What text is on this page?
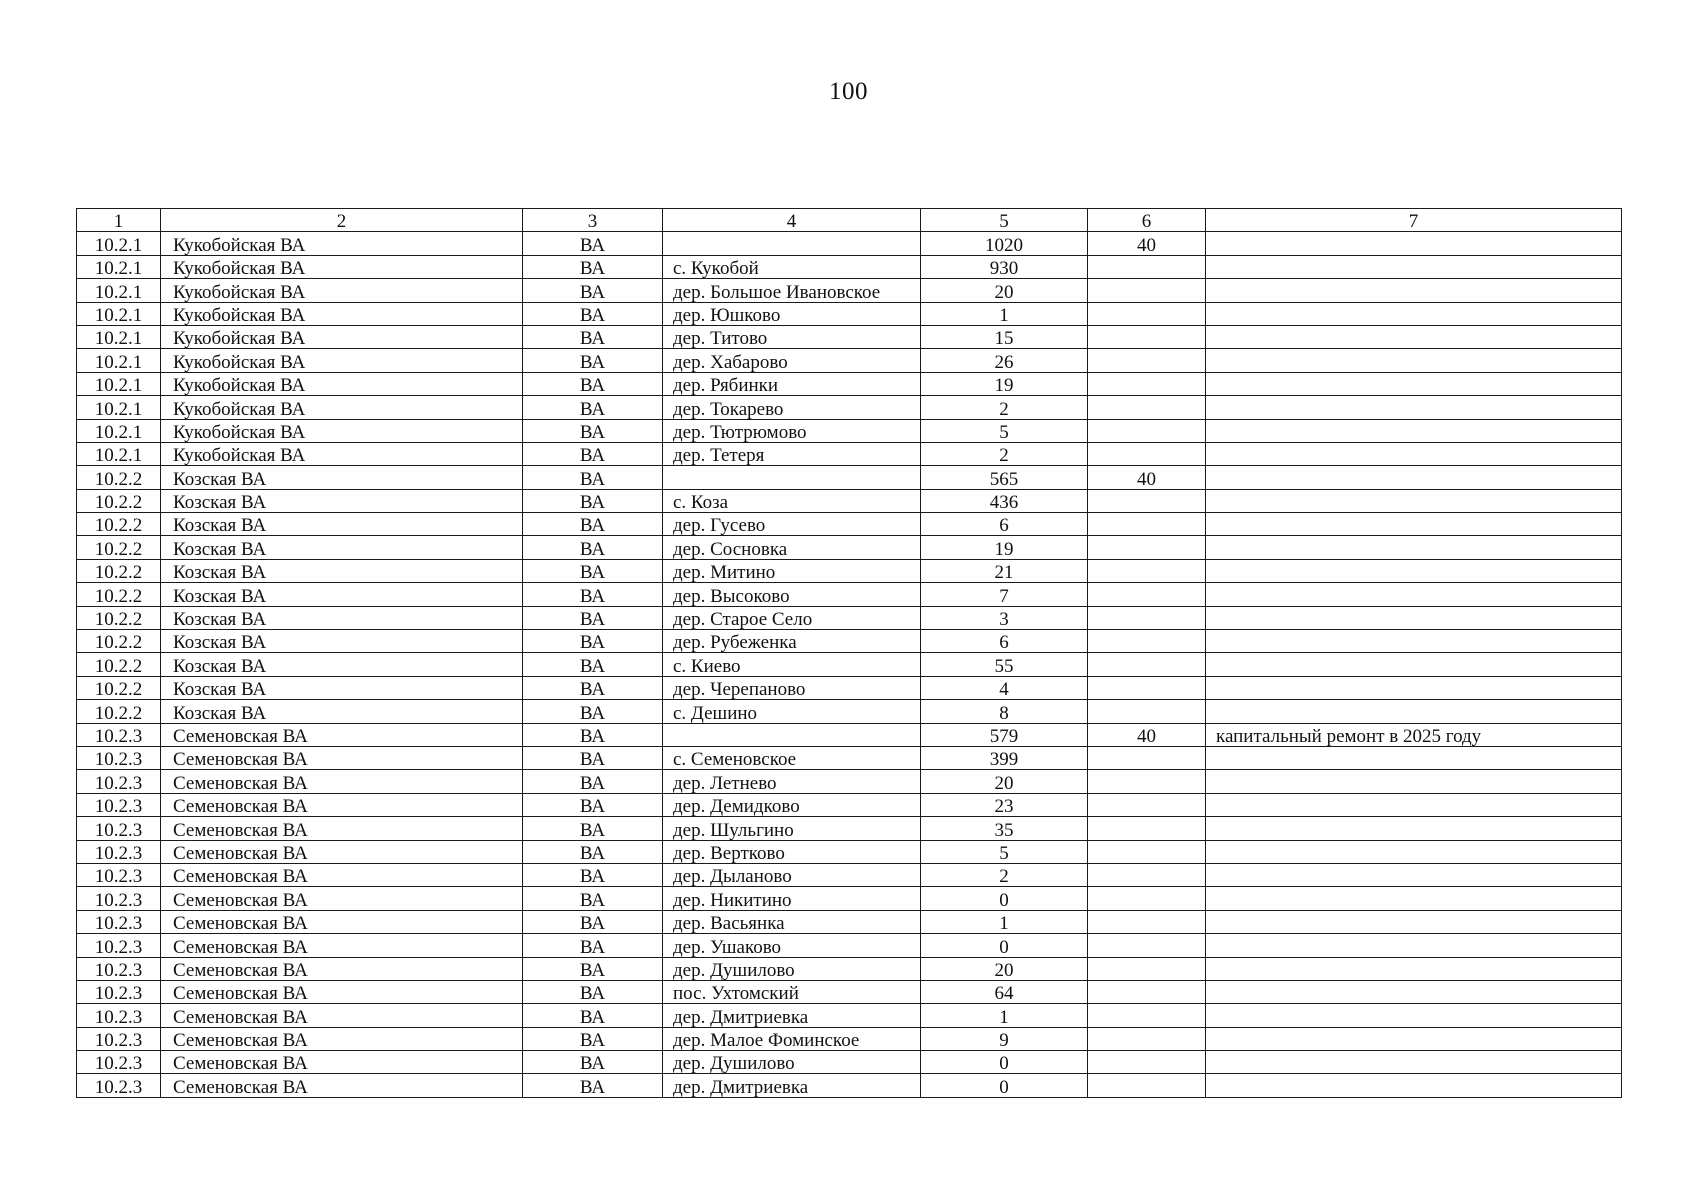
100
1	2	3	4	5	6	7
10.2.1	Кукобойская ВА	ВА		1020	40	
10.2.1	Кукобойская ВА	ВА	с. Кукобой	930		
10.2.1	Кукобойская ВА	ВА	дер. Большое Ивановское	20		
10.2.1	Кукобойская ВА	ВА	дер. Юшково	1		
10.2.1	Кукобойская ВА	ВА	дер. Титово	15		
10.2.1	Кукобойская ВА	ВА	дер. Хабарово	26		
10.2.1	Кукобойская ВА	ВА	дер. Рябинки	19		
10.2.1	Кукобойская ВА	ВА	дер. Токарево	2		
10.2.1	Кукобойская ВА	ВА	дер. Тютрюмово	5		
10.2.1	Кукобойская ВА	ВА	дер. Тетеря	2		
10.2.2	Козская ВА	ВА		565	40	
10.2.2	Козская ВА	ВА	с. Коза	436		
10.2.2	Козская ВА	ВА	дер. Гусево	6		
10.2.2	Козская ВА	ВА	дер. Сосновка	19		
10.2.2	Козская ВА	ВА	дер. Митино	21		
10.2.2	Козская ВА	ВА	дер. Высоково	7		
10.2.2	Козская ВА	ВА	дер. Старое Село	3		
10.2.2	Козская ВА	ВА	дер. Рубеженка	6		
10.2.2	Козская ВА	ВА	с. Киево	55		
10.2.2	Козская ВА	ВА	дер. Черепаново	4		
10.2.2	Козская ВА	ВА	с. Дешино	8		
10.2.3	Семеновская ВА	ВА		579	40	капитальный ремонт в 2025 году
10.2.3	Семеновская ВА	ВА	с. Семеновское	399		
10.2.3	Семеновская ВА	ВА	дер. Летнево	20		
10.2.3	Семеновская ВА	ВА	дер. Демидково	23		
10.2.3	Семеновская ВА	ВА	дер. Шульгино	35		
10.2.3	Семеновская ВА	ВА	дер. Вертково	5		
10.2.3	Семеновская ВА	ВА	дер. Дыланово	2		
10.2.3	Семеновская ВА	ВА	дер. Никитино	0		
10.2.3	Семеновская ВА	ВА	дер. Васьянка	1		
10.2.3	Семеновская ВА	ВА	дер. Ушаково	0		
10.2.3	Семеновская ВА	ВА	дер. Душилово	20		
10.2.3	Семеновская ВА	ВА	пос. Ухтомский	64		
10.2.3	Семеновская ВА	ВА	дер. Дмитриевка	1		
10.2.3	Семеновская ВА	ВА	дер. Малое Фоминское	9		
10.2.3	Семеновская ВА	ВА	дер. Душилово	0		
10.2.3	Семеновская ВА	ВА	дер. Дмитриевка	0		
